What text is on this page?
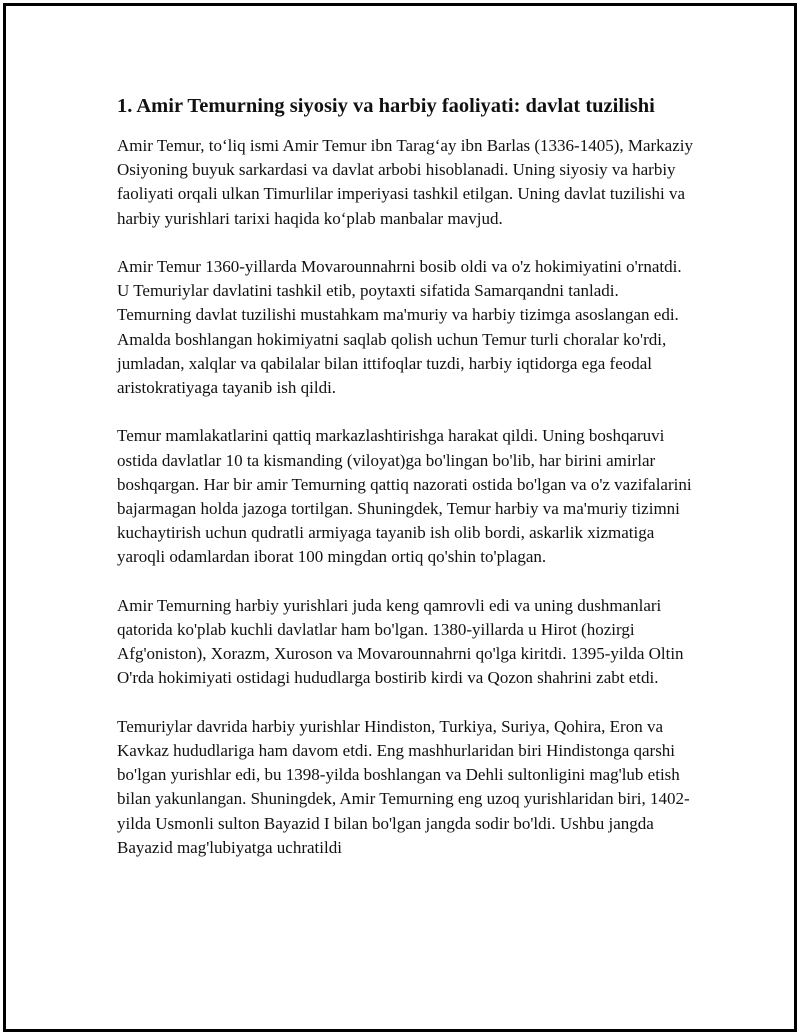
1. Amir Temurning siyosiy va harbiy faoliyati: davlat tuzilishi

Amir Temur, to‘liq ismi Amir Temur ibn Tarag‘ay ibn Barlas (1336-1405), Markaziy Osiyoning buyuk sarkardasi va davlat arbobi hisoblanadi. Uning siyosiy va harbiy faoliyati orqali ulkan Timurlilar imperiyasi tashkil etilgan. Uning davlat tuzilishi va harbiy yurishlari tarixi haqida ko‘plab manbalar mavjud.

Amir Temur 1360-yillarda Movarounnahrni bosib oldi va o'z hokimiyatini o'rnatdi. U Temuriylar davlatini tashkil etib, poytaxti sifatida Samarqandni tanladi. Temurning davlat tuzilishi mustahkam ma'muriy va harbiy tizimga asoslangan edi. Amalda boshlangan hokimiyatni saqlab qolish uchun Temur turli choralar ko'rdi, jumladan, xalqlar va qabilalar bilan ittifoqlar tuzdi, harbiy iqtidorga ega feodal aristokratiyaga tayanib ish qildi.

Temur mamlakatlarini qattiq markazlashtirishga harakat qildi. Uning boshqaruvi ostida davlatlar 10 ta kismanding (viloyat)ga bo'lingan bo'lib, har birini amirlar boshqargan. Har bir amir Temurning qattiq nazorati ostida bo'lgan va o'z vazifalarini bajarmagan holda jazoga tortilgan. Shuningdek, Temur harbiy va ma'muriy tizimni kuchaytirish uchun qudratli armiyaga tayanib ish olib bordi, askarlik xizmatiga yaroqli odamlardan iborat 100 mingdan ortiq qo'shin to'plagan.

Amir Temurning harbiy yurishlari juda keng qamrovli edi va uning dushmanlari qatorida ko'plab kuchli davlatlar ham bo'lgan. 1380-yillarda u Hirot (hozirgi Afg'oniston), Xorazm, Xuroson va Movarounnahrni qo'lga kiritdi. 1395-yilda Oltin O'rda hokimiyati ostidagi hududlarga bostirib kirdi va Qozon shahrini zabt etdi.

Temuriylar davrida harbiy yurishlar Hindiston, Turkiya, Suriya, Qohira, Eron va Kavkaz hududlariga ham davom etdi. Eng mashhurlaridan biri Hindistonga qarshi bo'lgan yurishlar edi, bu 1398-yilda boshlangan va Dehli sultonligini mag'lub etish bilan yakunlangan. Shuningdek, Amir Temurning eng uzoq yurishlaridan biri, 1402-yilda Usmonli sulton Bayazid I bilan bo'lgan jangda sodir bo'ldi. Ushbu jangda Bayazid mag'lubiyatga uchratildi
